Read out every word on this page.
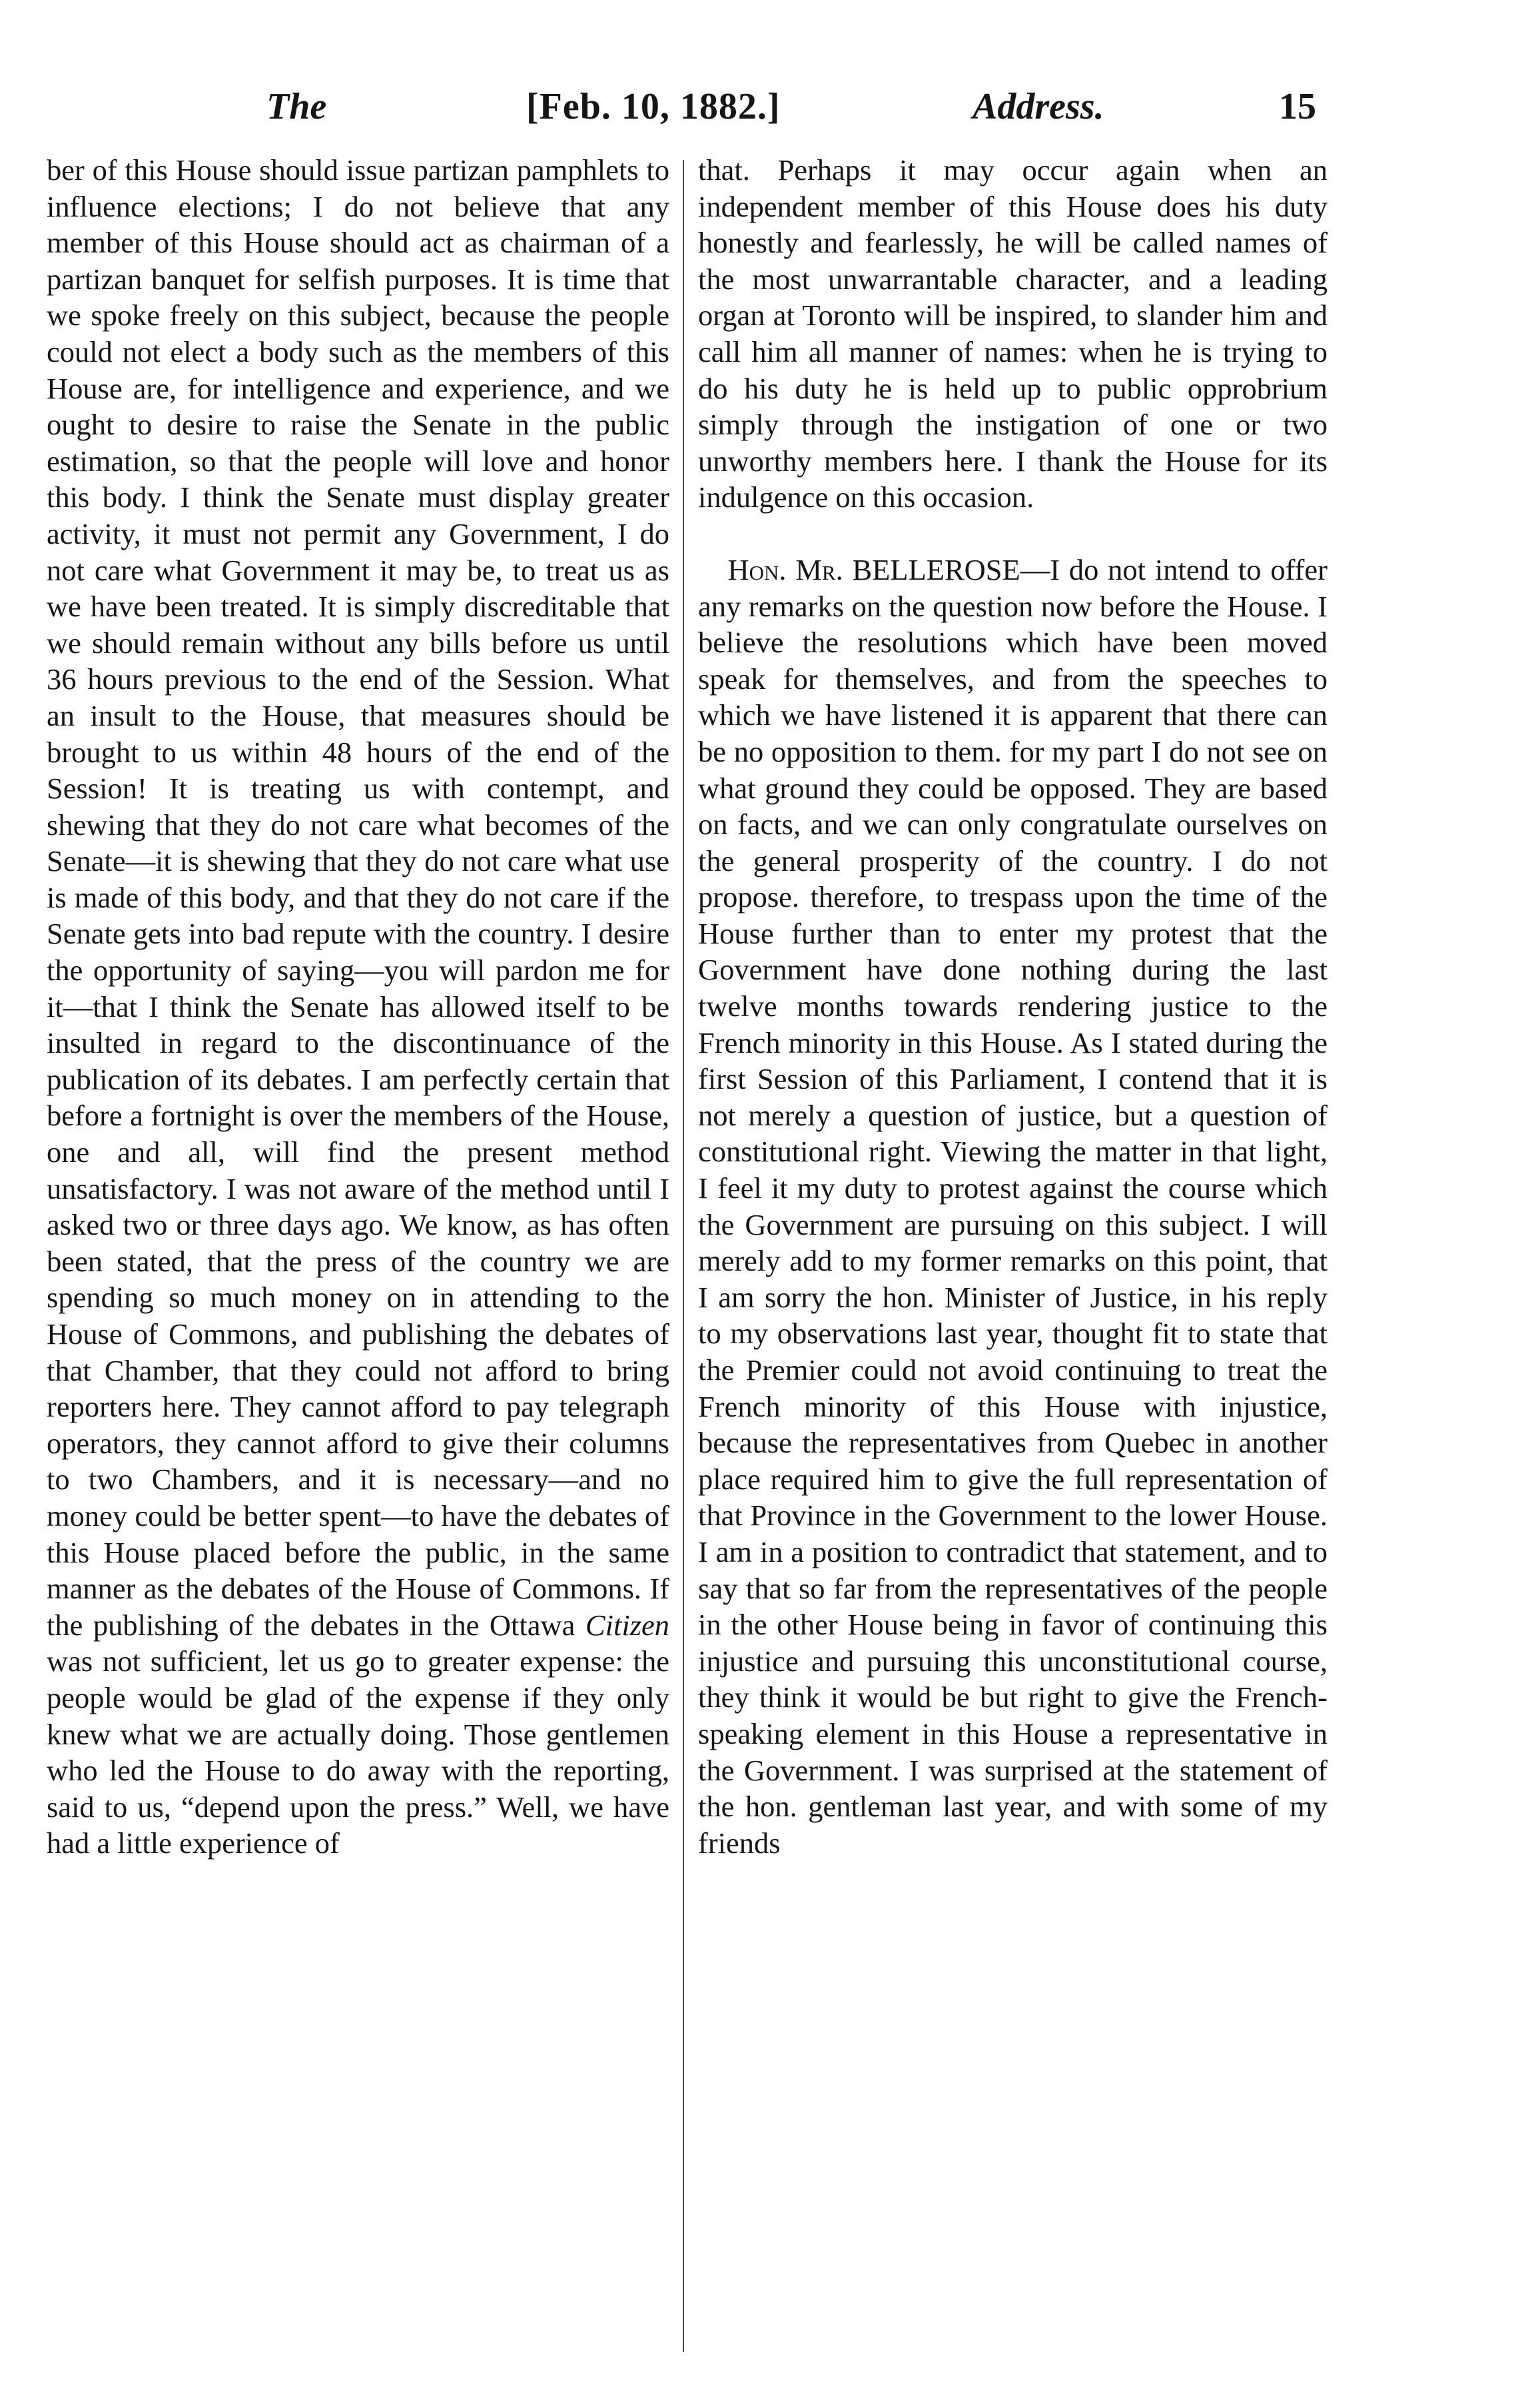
The	[Feb. 10, 1882.]	Address.	15

ber of this House should issue partizan pamphlets to influence elections; I do not believe that any member of this House should act as chairman of a partizan banquet for selfish purposes. It is time that we spoke freely on this subject, because the people could not elect a body such as the members of this House are, for intelligence and experience, and we ought to desire to raise the Senate in the public estimation, so that the people will love and honor this body. I think the Senate must display greater activity, it must not permit any Government, I do not care what Government it may be, to treat us as we have been treated. It is simply discreditable that we should remain without any bills before us until 36 hours previous to the end of the Session. What an insult to the House, that measures should be brought to us within 48 hours of the end of the Session! It is treating us with contempt, and shewing that they do not care what becomes of the Senate—it is shewing that they do not care what use is made of this body, and that they do not care if the Senate gets into bad repute with the country. I desire the opportunity of saying—you will pardon me for it—that I think the Senate has allowed itself to be insulted in regard to the discontinuance of the publication of its debates. I am perfectly certain that before a fortnight is over the members of the House, one and all, will find the present method unsatisfactory. I was not aware of the method until I asked two or three days ago. We know, as has often been stated, that the press of the country we are spending so much money on in attending to the House of Commons, and publishing the debates of that Chamber, that they could not afford to bring reporters here. They cannot afford to pay telegraph operators, they cannot afford to give their columns to two Chambers, and it is necessary—and no money could be better spent—to have the debates of this House placed before the public, in the same manner as the debates of the House of Commons. If the publishing of the debates in the Ottawa Citizen was not sufficient, let us go to greater expense: the people would be glad of the expense if they only knew what we are actually doing. Those gentlemen who led the House to do away with the reporting, said to us, “depend upon the press.” Well, we have had a little experience of

that. Perhaps it may occur again when an independent member of this House does his duty honestly and fearlessly, he will be called names of the most unwarrantable character, and a leading organ at Toronto will be inspired, to slander him and call him all manner of names: when he is trying to do his duty he is held up to public opprobrium simply through the instigation of one or two unworthy members here. I thank the House for its indulgence on this occasion.

 Hon. Mr. BELLEROSE—I do not intend to offer any remarks on the question now before the House. I believe the resolutions which have been moved speak for themselves, and from the speeches to which we have listened it is apparent that there can be no opposition to them. for my part I do not see on what ground they could be opposed. They are based on facts, and we can only congratulate ourselves on the general prosperity of the country. I do not propose. therefore, to trespass upon the time of the House further than to enter my protest that the Government have done nothing during the last twelve months towards rendering justice to the French minority in this House. As I stated during the first Session of this Parliament, I contend that it is not merely a question of justice, but a question of constitutional right. Viewing the matter in that light, I feel it my duty to protest against the course which the Government are pursuing on this subject. I will merely add to my former remarks on this point, that I am sorry the hon. Minister of Justice, in his reply to my observations last year, thought fit to state that the Premier could not avoid continuing to treat the French minority of this House with injustice, because the representatives from Quebec in another place required him to give the full representation of that Province in the Government to the lower House. I am in a position to contradict that statement, and to say that so far from the representatives of the people in the other House being in favor of continuing this injustice and pursuing this unconstitutional course, they think it would be but right to give the French-speaking element in this House a representative in the Government. I was surprised at the statement of the hon. gentleman last year, and with some of my friends
